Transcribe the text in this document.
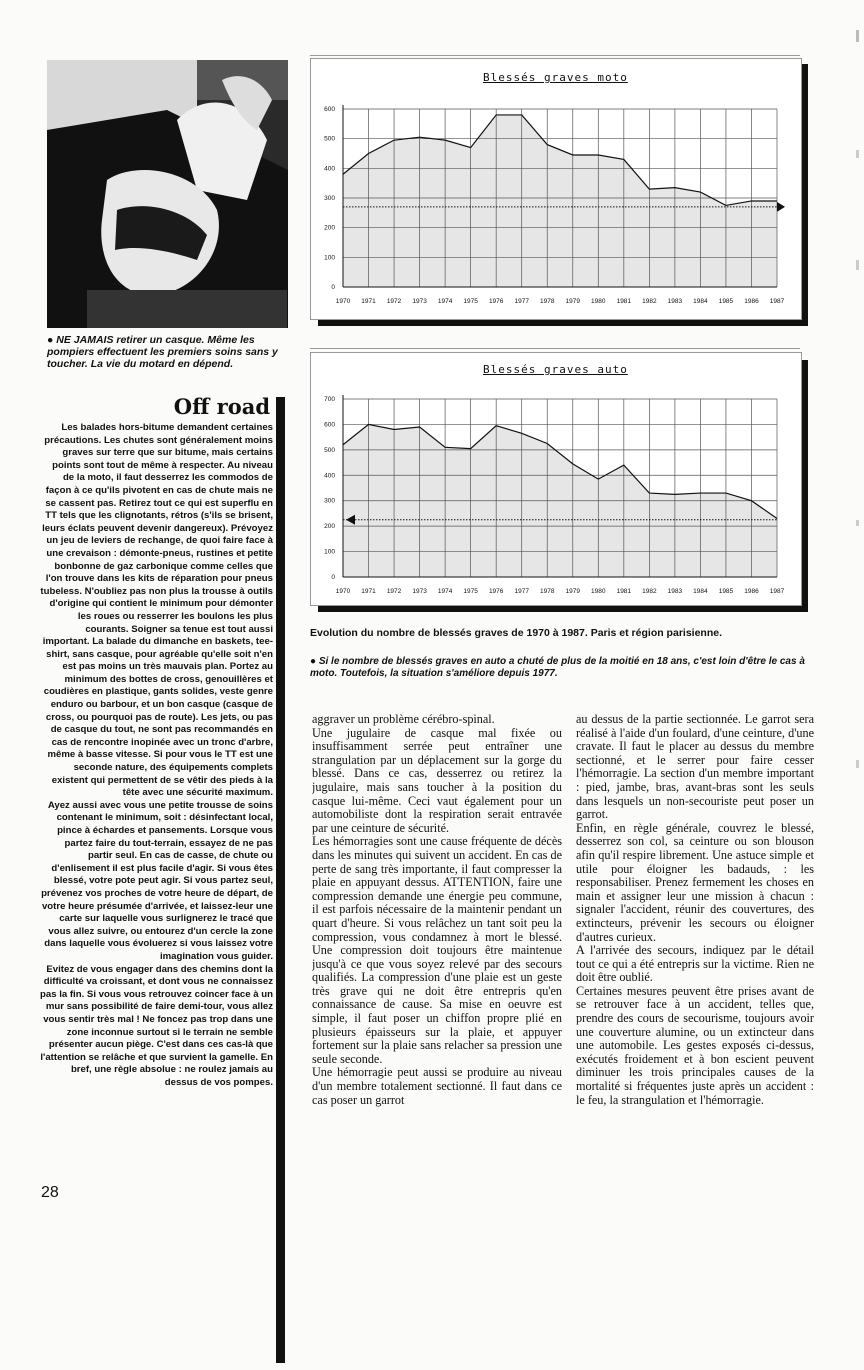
● NE JAMAIS retirer un casque. Même les pompiers effectuent les premiers soins sans y toucher. La vie du motard en dépend.
Off road

Les balades hors-bitume demandent certaines précautions. Les chutes sont généralement moins graves sur terre que sur bitume, mais certains points sont tout de même à respecter. Au niveau de la moto, il faut desserrez les commodos de façon à ce qu'ils pivotent en cas de chute mais ne se cassent pas. Retirez tout ce qui est superflu en TT tels que les clignotants, rétros (s'ils se brisent, leurs éclats peuvent devenir dangereux). Prévoyez un jeu de leviers de rechange, de quoi faire face à une crevaison : démonte-pneus, rustines et petite bonbonne de gaz carbonique comme celles que l'on trouve dans les kits de réparation pour pneus tubeless. N'oubliez pas non plus la trousse à outils d'origine qui contient le minimum pour démonter les roues ou resserrer les boulons les plus courants. Soigner sa tenue est tout aussi important. La balade du dimanche en baskets, tee-shirt, sans casque, pour agréable qu'elle soit n'en est pas moins un très mauvais plan. Portez au minimum des bottes de cross, genouillères et coudières en plastique, gants solides, veste genre enduro ou barbour, et un bon casque (casque de cross, ou pourquoi pas de route). Les jets, ou pas de casque du tout, ne sont pas recommandés en cas de rencontre inopinée avec un tronc d'arbre, même à basse vitesse. Si pour vous le TT est une seconde nature, des équipements complets existent qui permettent de se vêtir des pieds à la tête avec une sécurité maximum.

Ayez aussi avec vous une petite trousse de soins contenant le minimum, soit : désinfectant local, pince à échardes et pansements. Lorsque vous partez faire du tout-terrain, essayez de ne pas partir seul. En cas de casse, de chute ou d'enlisement il est plus facile d'agir. Si vous êtes blessé, votre pote peut agir. Si vous partez seul, prévenez vos proches de votre heure de départ, de votre heure présumée d'arrivée, et laissez-leur une carte sur laquelle vous surlignerez le tracé que vous allez suivre, ou entourez d'un cercle la zone dans laquelle vous évoluerez si vous laissez votre imagination vous guider.

Evitez de vous engager dans des chemins dont la difficulté va croissant, et dont vous ne connaissez pas la fin. Si vous vous retrouvez coincer face à un mur sans possibilité de faire demi-tour, vous allez vous sentir très mal ! Ne foncez pas trop dans une zone inconnue surtout si le terrain ne semble présenter aucun piège. C'est dans ces cas-là que l'attention se relâche et que survient la gamelle. En bref, une règle absolue : ne roulez jamais au dessus de vos pompes.

Blessés graves moto
0
100
200
300
400
500
600
1970 1971 1972 1973 1974 1975 1976 1977 1978 1979 1980 1981 1982 1983 1984 1985 1986 1987
Blessés graves auto
0
100
200
300
400
500
600
700
1970 1971 1972 1973 1974 1975 1976 1977 1978 1979 1980 1981 1982 1983 1984 1985 1986 1987
Evolution du nombre de blessés graves de 1970 à 1987. Paris et région parisienne.
● Si le nombre de blessés graves en auto a chuté de plus de la moitié en 18 ans, c'est loin d'être le cas à moto. Toutefois, la situation s'améliore depuis 1977.

aggraver un problème cérébro-spinal.

Une jugulaire de casque mal fixée ou insuffisamment serrée peut entraîner une strangulation par un déplacement sur la gorge du blessé. Dans ce cas, desserrez ou retirez la jugulaire, mais sans toucher à la position du casque lui-même. Ceci vaut également pour un automobiliste dont la respiration serait entravée par une ceinture de sécurité.

Les hémorragies sont une cause fréquente de décès dans les minutes qui suivent un accident. En cas de perte de sang très importante, il faut compresser la plaie en appuyant dessus. ATTENTION, faire une compression demande une énergie peu commune, il est parfois nécessaire de la maintenir pendant un quart d'heure. Si vous relâchez un tant soit peu la compression, vous condamnez à mort le blessé. Une compression doit toujours être maintenue jusqu'à ce que vous soyez relevé par des secours qualifiés. La compression d'une plaie est un geste très grave qui ne doit être entrepris qu'en connaissance de cause. Sa mise en oeuvre est simple, il faut poser un chiffon propre plié en plusieurs épaisseurs sur la plaie, et appuyer fortement sur la plaie sans relacher sa pression une seule seconde.

Une hémorragie peut aussi se produire au niveau d'un membre totalement sectionné. Il faut dans ce cas poser un garrot

au dessus de la partie sectionnée. Le garrot sera réalisé à l'aide d'un foulard, d'une ceinture, d'une cravate. Il faut le placer au dessus du membre sectionné, et le serrer pour faire cesser l'hémorragie. La section d'un membre important : pied, jambe, bras, avant-bras sont les seuls dans lesquels un non-secouriste peut poser un garrot.

Enfin, en règle générale, couvrez le blessé, desserrez son col, sa ceinture ou son blouson afin qu'il respire librement. Une astuce simple et utile pour éloigner les badauds, : les responsabiliser. Prenez fermement les choses en main et assigner leur une mission à chacun : signaler l'accident, réunir des couvertures, des extincteurs, prévenir les secours ou éloigner d'autres curieux.

A l'arrivée des secours, indiquez par le détail tout ce qui a été entrepris sur la victime. Rien ne doit être oublié.

Certaines mesures peuvent être prises avant de se retrouver face à un accident, telles que, prendre des cours de secourisme, toujours avoir une couverture alumine, ou un extincteur dans une automobile. Les gestes exposés ci-dessus, exécutés froidement et à bon escient peuvent diminuer les trois principales causes de la mortalité si fréquentes juste après un accident : le feu, la strangulation et l'hémorragie.

28
